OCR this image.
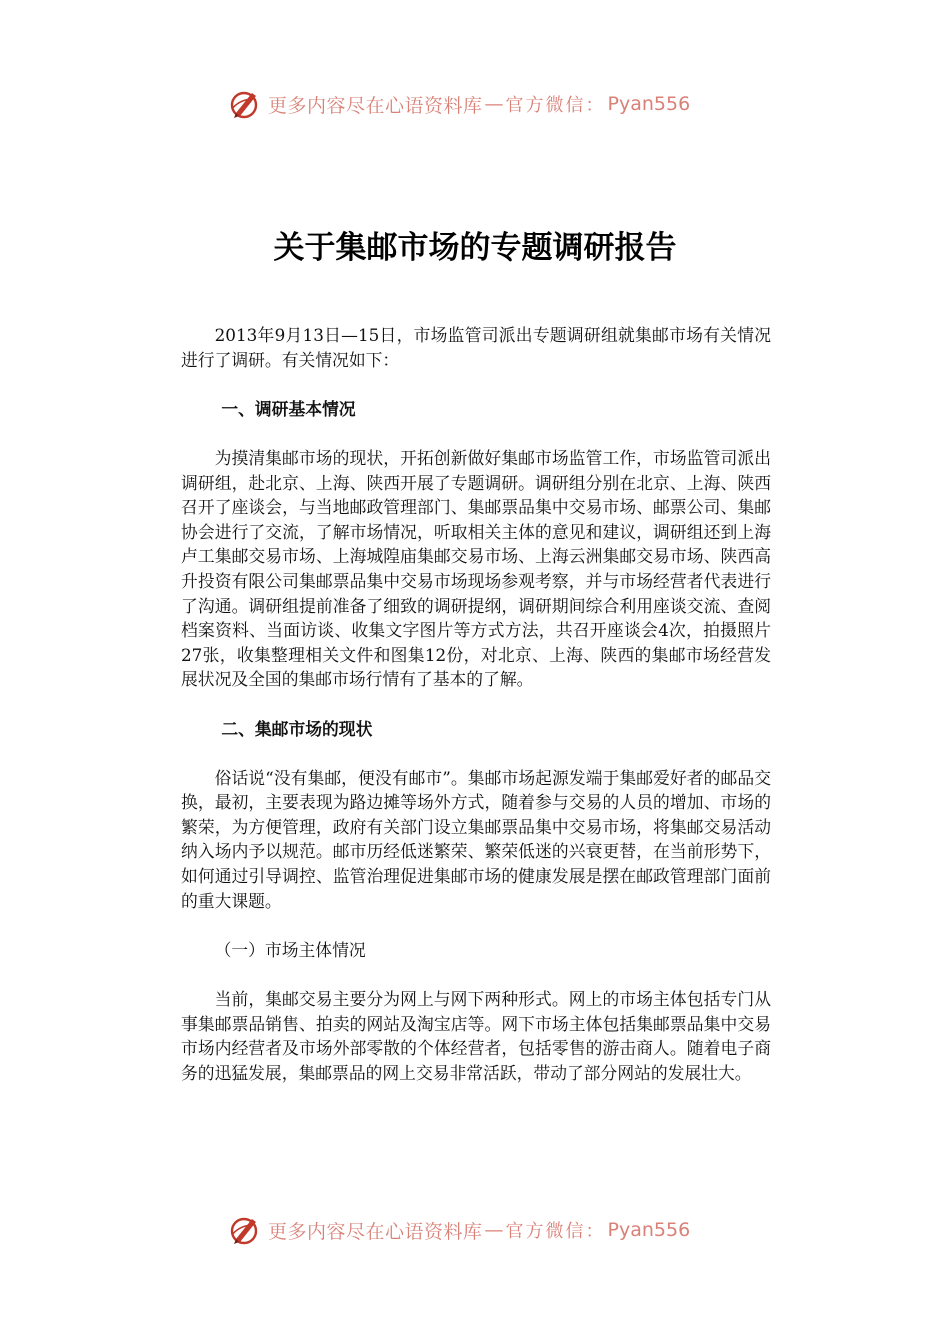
更多内容尽在心语资料库 — 官方微信： Pyan556
关于集邮市场的专题调研报告

2013年9月13日—15日，市场监管司派出专题调研组就集邮市场有关情况进行了调研。有关情况如下：

一、调研基本情况

为摸清集邮市场的现状，开拓创新做好集邮市场监管工作，市场监管司派出调研组，赴北京、上海、陕西开展了专题调研。调研组分别在北京、上海、陕西召开了座谈会，与当地邮政管理部门、集邮票品集中交易市场、邮票公司、集邮协会进行了交流，了解市场情况，听取相关主体的意见和建议，调研组还到上海卢工集邮交易市场、上海城隍庙集邮交易市场、上海云洲集邮交易市场、陕西高升投资有限公司集邮票品集中交易市场现场参观考察，并与市场经营者代表进行了沟通。调研组提前准备了细致的调研提纲，调研期间综合利用座谈交流、查阅档案资料、当面访谈、收集文字图片等方式方法，共召开座谈会4次，拍摄照片27张，收集整理相关文件和图集12份，对北京、上海、陕西的集邮市场经营发展状况及全国的集邮市场行情有了基本的了解。

二、集邮市场的现状

俗话说“没有集邮，便没有邮市”。集邮市场起源发端于集邮爱好者的邮品交换，最初，主要表现为路边摊等场外方式，随着参与交易的人员的增加、市场的繁荣，为方便管理，政府有关部门设立集邮票品集中交易市场，将集邮交易活动纳入场内予以规范。邮市历经低迷繁荣、繁荣低迷的兴衰更替，在当前形势下，如何通过引导调控、监管治理促进集邮市场的健康发展是摆在邮政管理部门面前的重大课题。

（一）市场主体情况

当前，集邮交易主要分为网上与网下两种形式。网上的市场主体包括专门从事集邮票品销售、拍卖的网站及淘宝店等。网下市场主体包括集邮票品集中交易市场内经营者及市场外部零散的个体经营者，包括零售的游击商人。随着电子商务的迅猛发展，集邮票品的网上交易非常活跃，带动了部分网站的发展壮大。

更多内容尽在心语资料库 — 官方微信： Pyan556
